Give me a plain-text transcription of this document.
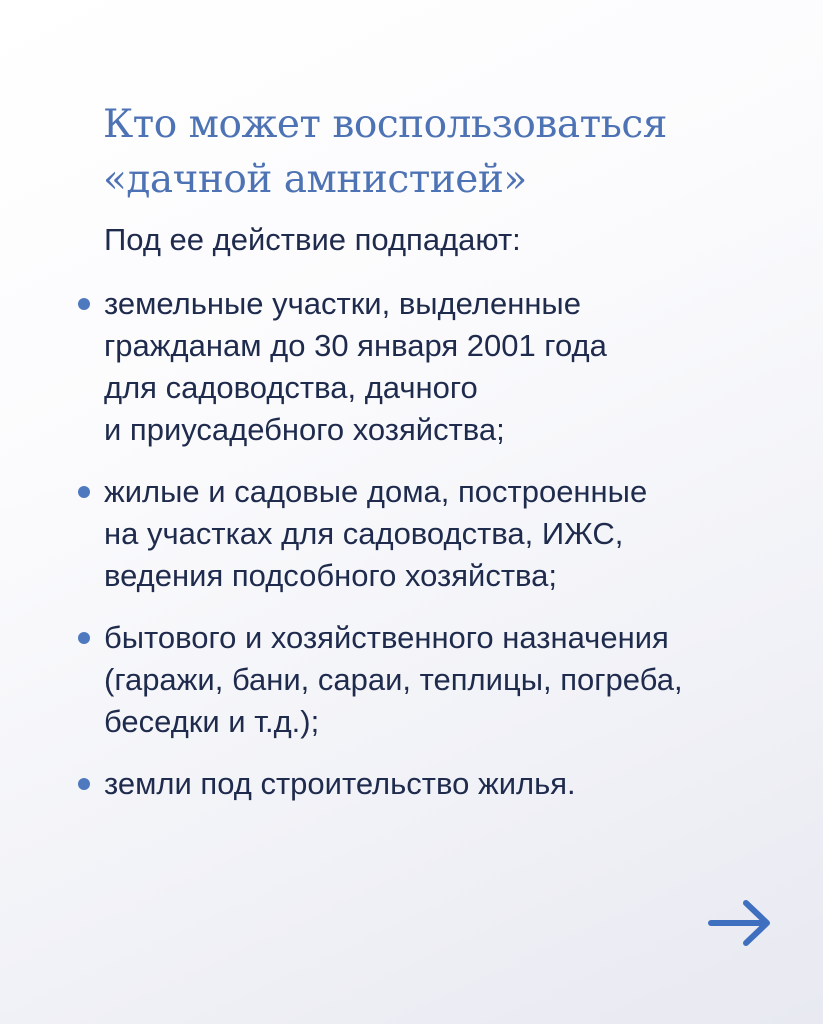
Кто может воспользоваться
«дачной амнистией»

Под ее действие подпадают:

земельные участки, выделенные
гражданам до 30 января 2001 года
для садоводства, дачного
и приусадебного хозяйства;
жилые и садовые дома, построенные
на участках для садоводства, ИЖС,
ведения подсобного хозяйства;
бытового и хозяйственного назначения
(гаражи, бани, сараи, теплицы, погреба,
беседки и т.д.);
земли под строительство жилья.
